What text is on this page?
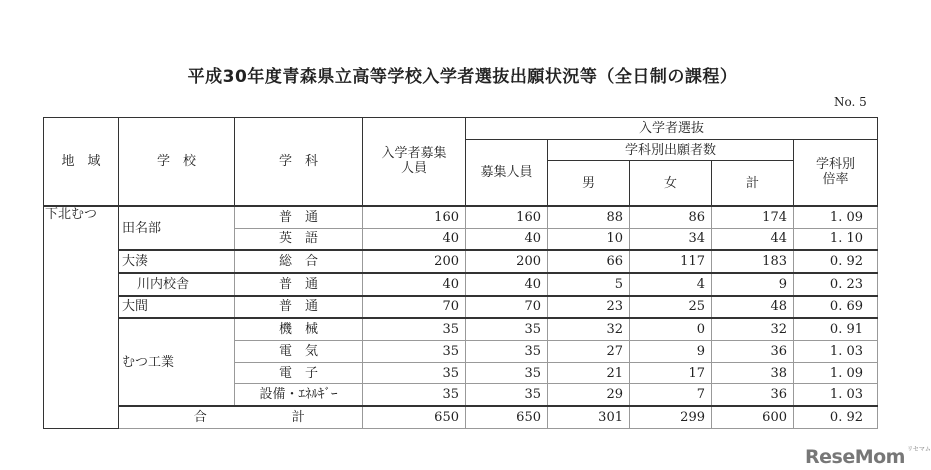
平成30年度青森県立高等学校入学者選抜出願状況等（全日制の課程）
No. 5
地　域	学　校	学　科	入学者募集人員	入学者選抜				
				募集人員	学科別出願者数			学科別倍率
					男	女	計	
下北むつ	田名部	普　通	160	160	88	86	174	1. 09
		英　語	40	40	10	34	44	1. 10
	大湊	総　合	200	200	66	117	183	0. 92
	川内校舎	普　通	40	40	5	4	9	0. 23
	大間	普　通	70	70	23	25	48	0. 69
	むつ工業	機　械	35	35	32	0	32	0. 91
		電　気	35	35	27	9	36	1. 03
		電　子	35	35	21	17	38	1. 09
		設備・ｴﾈﾙｷﾞｰ	35	35	29	7	36	1. 03
	合	計	650	650	301	299	600	0. 92
ReseMom リセマム
